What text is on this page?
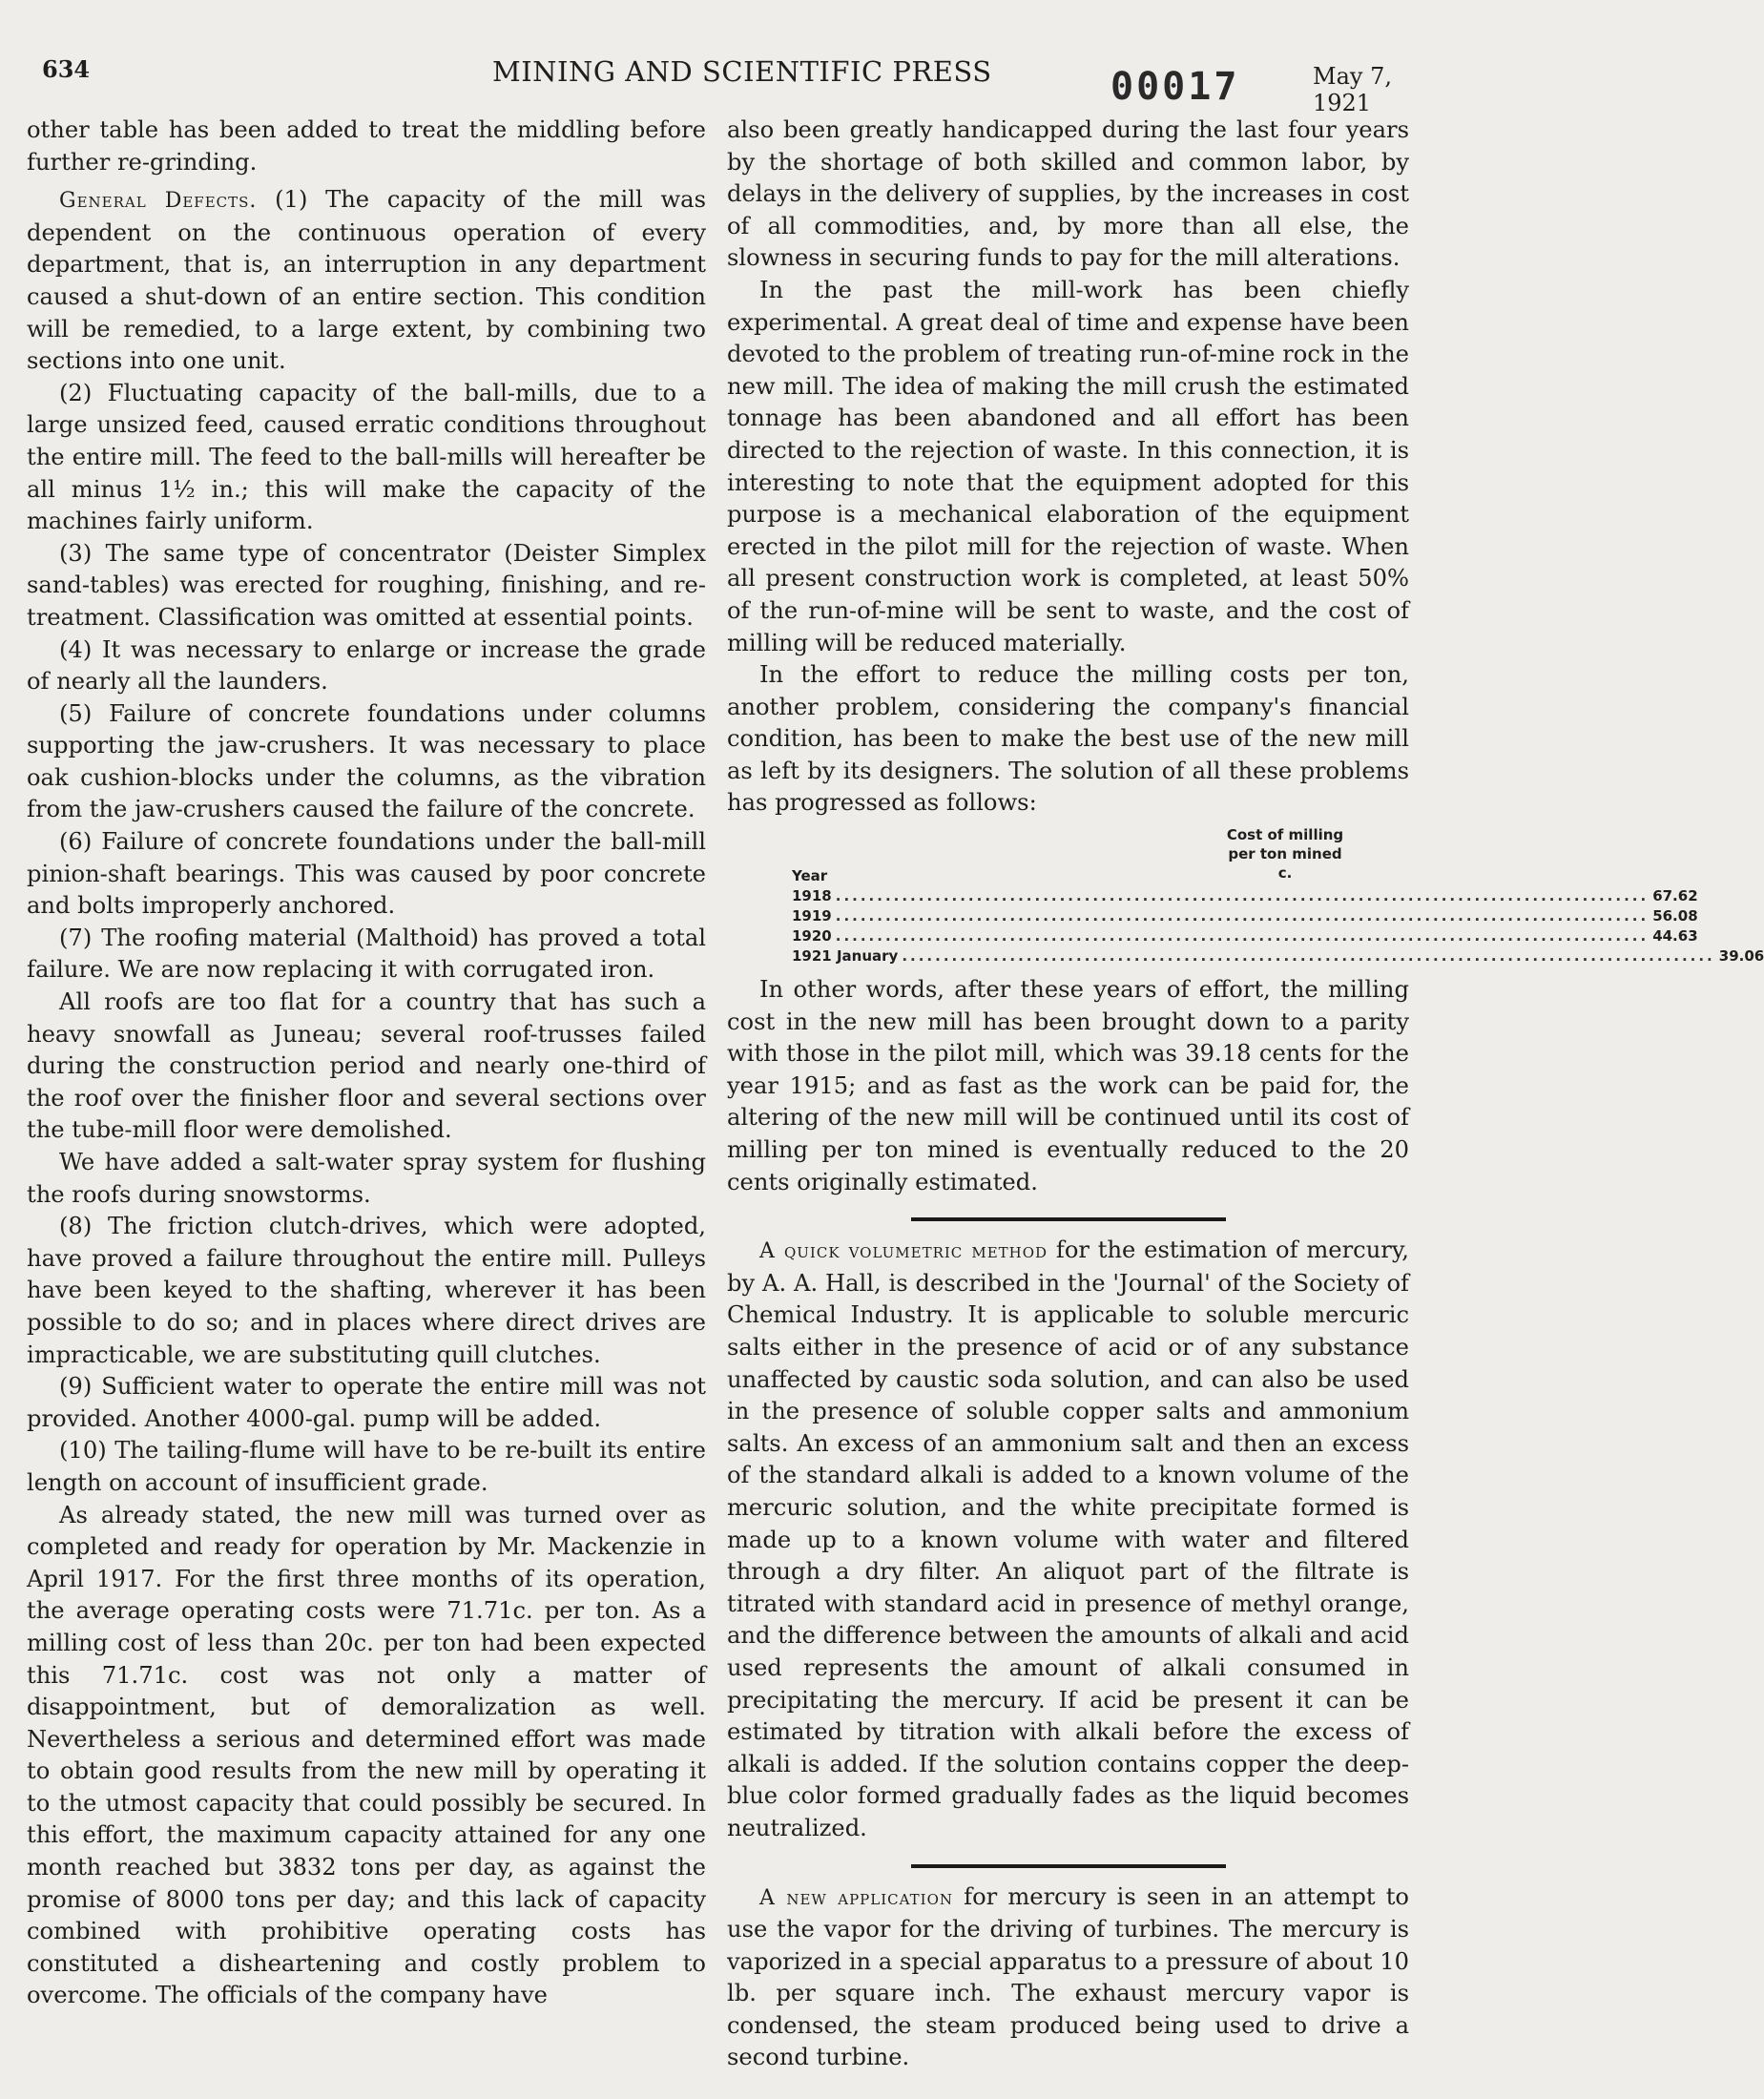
634	MINING AND SCIENTIFIC PRESS	00017	May 7, 1921

other table has been added to treat the middling before further re-grinding.

General Defects. (1) The capacity of the mill was dependent on the continuous operation of every department, that is, an interruption in any department caused a shut-down of an entire section. This condition will be remedied, to a large extent, by combining two sections into one unit.

(2) Fluctuating capacity of the ball-mills, due to a large unsized feed, caused erratic conditions throughout the entire mill. The feed to the ball-mills will hereafter be all minus 1½ in.; this will make the capacity of the machines fairly uniform.

(3) The same type of concentrator (Deister Simplex sand-tables) was erected for roughing, finishing, and re-treatment. Classification was omitted at essential points.

(4) It was necessary to enlarge or increase the grade of nearly all the launders.

(5) Failure of concrete foundations under columns supporting the jaw-crushers. It was necessary to place oak cushion-blocks under the columns, as the vibration from the jaw-crushers caused the failure of the concrete.

(6) Failure of concrete foundations under the ball-mill pinion-shaft bearings. This was caused by poor concrete and bolts improperly anchored.

(7) The roofing material (Malthoid) has proved a total failure. We are now replacing it with corrugated iron.

All roofs are too flat for a country that has such a heavy snowfall as Juneau; several roof-trusses failed during the construction period and nearly one-third of the roof over the finisher floor and several sections over the tube-mill floor were demolished.

We have added a salt-water spray system for flushing the roofs during snowstorms.

(8) The friction clutch-drives, which were adopted, have proved a failure throughout the entire mill. Pulleys have been keyed to the shafting, wherever it has been possible to do so; and in places where direct drives are impracticable, we are substituting quill clutches.

(9) Sufficient water to operate the entire mill was not provided. Another 4000-gal. pump will be added.

(10) The tailing-flume will have to be re-built its entire length on account of insufficient grade.

As already stated, the new mill was turned over as completed and ready for operation by Mr. Mackenzie in April 1917. For the first three months of its operation, the average operating costs were 71.71c. per ton. As a milling cost of less than 20c. per ton had been expected this 71.71c. cost was not only a matter of disappointment, but of demoralization as well. Nevertheless a serious and determined effort was made to obtain good results from the new mill by operating it to the utmost capacity that could possibly be secured. In this effort, the maximum capacity attained for any one month reached but 3832 tons per day, as against the promise of 8000 tons per day; and this lack of capacity combined with prohibitive operating costs has constituted a disheartening and costly problem to overcome. The officials of the company have

also been greatly handicapped during the last four years by the shortage of both skilled and common labor, by delays in the delivery of supplies, by the increases in cost of all commodities, and, by more than all else, the slowness in securing funds to pay for the mill alterations.

In the past the mill-work has been chiefly experimental. A great deal of time and expense have been devoted to the problem of treating run-of-mine rock in the new mill. The idea of making the mill crush the estimated tonnage has been abandoned and all effort has been directed to the rejection of waste. In this connection, it is interesting to note that the equipment adopted for this purpose is a mechanical elaboration of the equipment erected in the pilot mill for the rejection of waste. When all present construction work is completed, at least 50% of the run-of-mine will be sent to waste, and the cost of milling will be reduced materially.

In the effort to reduce the milling costs per ton, another problem, considering the company's financial condition, has been to make the best use of the new mill as left by its designers. The solution of all these problems has progressed as follows:

Year
Cost of milling
per ton mined
c.
1918 .................................................................................................. 67.62
1919 .................................................................................................. 56.08
1920 .................................................................................................. 44.63
1921 January .................................................................................................. 39.06

In other words, after these years of effort, the milling cost in the new mill has been brought down to a parity with those in the pilot mill, which was 39.18 cents for the year 1915; and as fast as the work can be paid for, the altering of the new mill will be continued until its cost of milling per ton mined is eventually reduced to the 20 cents originally estimated.

A quick volumetric method for the estimation of mercury, by A. A. Hall, is described in the 'Journal' of the Society of Chemical Industry. It is applicable to soluble mercuric salts either in the presence of acid or of any substance unaffected by caustic soda solution, and can also be used in the presence of soluble copper salts and ammonium salts. An excess of an ammonium salt and then an excess of the standard alkali is added to a known volume of the mercuric solution, and the white precipitate formed is made up to a known volume with water and filtered through a dry filter. An aliquot part of the filtrate is titrated with standard acid in presence of methyl orange, and the difference between the amounts of alkali and acid used represents the amount of alkali consumed in precipitating the mercury. If acid be present it can be estimated by titration with alkali before the excess of alkali is added. If the solution contains copper the deep-blue color formed gradually fades as the liquid becomes neutralized.

A new application for mercury is seen in an attempt to use the vapor for the driving of turbines. The mercury is vaporized in a special apparatus to a pressure of about 10 lb. per square inch. The exhaust mercury vapor is condensed, the steam produced being used to drive a second turbine.
